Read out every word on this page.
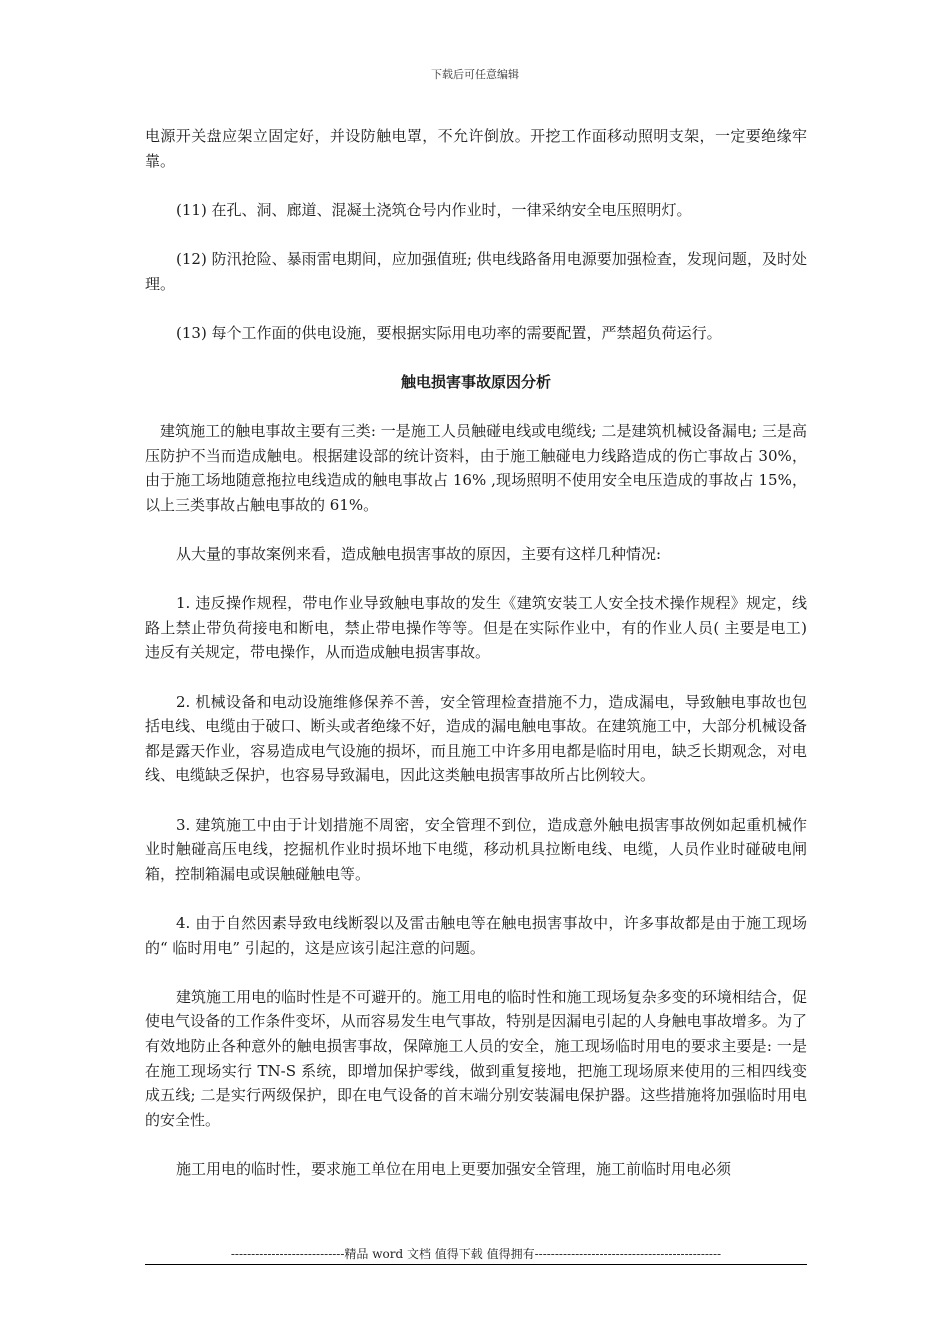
下载后可任意编辑

电源开关盘应架立固定好，并设防触电罩，不允许倒放。开挖工作面移动照明支架，一定要绝缘牢靠。

(11) 在孔、洞、廊道、混凝土浇筑仓号内作业时，一律采纳安全电压照明灯。

(12) 防汛抢险、暴雨雷电期间，应加强值班; 供电线路备用电源要加强检查，发现问题，及时处理。

(13) 每个工作面的供电设施，要根据实际用电功率的需要配置，严禁超负荷运行。

触电损害事故原因分析

建筑施工的触电事故主要有三类: 一是施工人员触碰电线或电缆线; 二是建筑机械设备漏电; 三是高压防护不当而造成触电。根据建设部的统计资料，由于施工触碰电力线路造成的伤亡事故占 30%，由于施工场地随意拖拉电线造成的触电事故占 16% ,现场照明不使用安全电压造成的事故占 15%，以上三类事故占触电事故的 61%。

从大量的事故案例来看，造成触电损害事故的原因，主要有这样几种情况:

1. 违反操作规程，带电作业导致触电事故的发生《建筑安装工人安全技术操作规程》规定，线路上禁止带负荷接电和断电，禁止带电操作等等。但是在实际作业中，有的作业人员( 主要是电工) 违反有关规定，带电操作，从而造成触电损害事故。

2. 机械设备和电动设施维修保养不善，安全管理检查措施不力，造成漏电，导致触电事故也包括电线、电缆由于破口、断头或者绝缘不好，造成的漏电触电事故。在建筑施工中，大部分机械设备都是露天作业，容易造成电气设施的损坏，而且施工中许多用电都是临时用电，缺乏长期观念，对电线、电缆缺乏保护，也容易导致漏电，因此这类触电损害事故所占比例较大。

3. 建筑施工中由于计划措施不周密，安全管理不到位，造成意外触电损害事故例如起重机械作业时触碰高压电线，挖掘机作业时损坏地下电缆，移动机具拉断电线、电缆，人员作业时碰破电闸箱，控制箱漏电或误触碰触电等。

4. 由于自然因素导致电线断裂以及雷击触电等在触电损害事故中，许多事故都是由于施工现场的“ 临时用电” 引起的，这是应该引起注意的问题。

建筑施工用电的临时性是不可避开的。施工用电的临时性和施工现场复杂多变的环境相结合，促使电气设备的工作条件变坏，从而容易发生电气事故，特别是因漏电引起的人身触电事故增多。为了有效地防止各种意外的触电损害事故，保障施工人员的安全，施工现场临时用电的要求主要是: 一是在施工现场实行 TN-S 系统，即增加保护零线，做到重复接地，把施工现场原来使用的三相四线变成五线; 二是实行两级保护，即在电气设备的首末端分别安装漏电保护器。这些措施将加强临时用电的安全性。

施工用电的临时性，要求施工单位在用电上更要加强安全管理，施工前临时用电必须

----------------------------精品 word 文档 值得下载 值得拥有----------------------------------------------
